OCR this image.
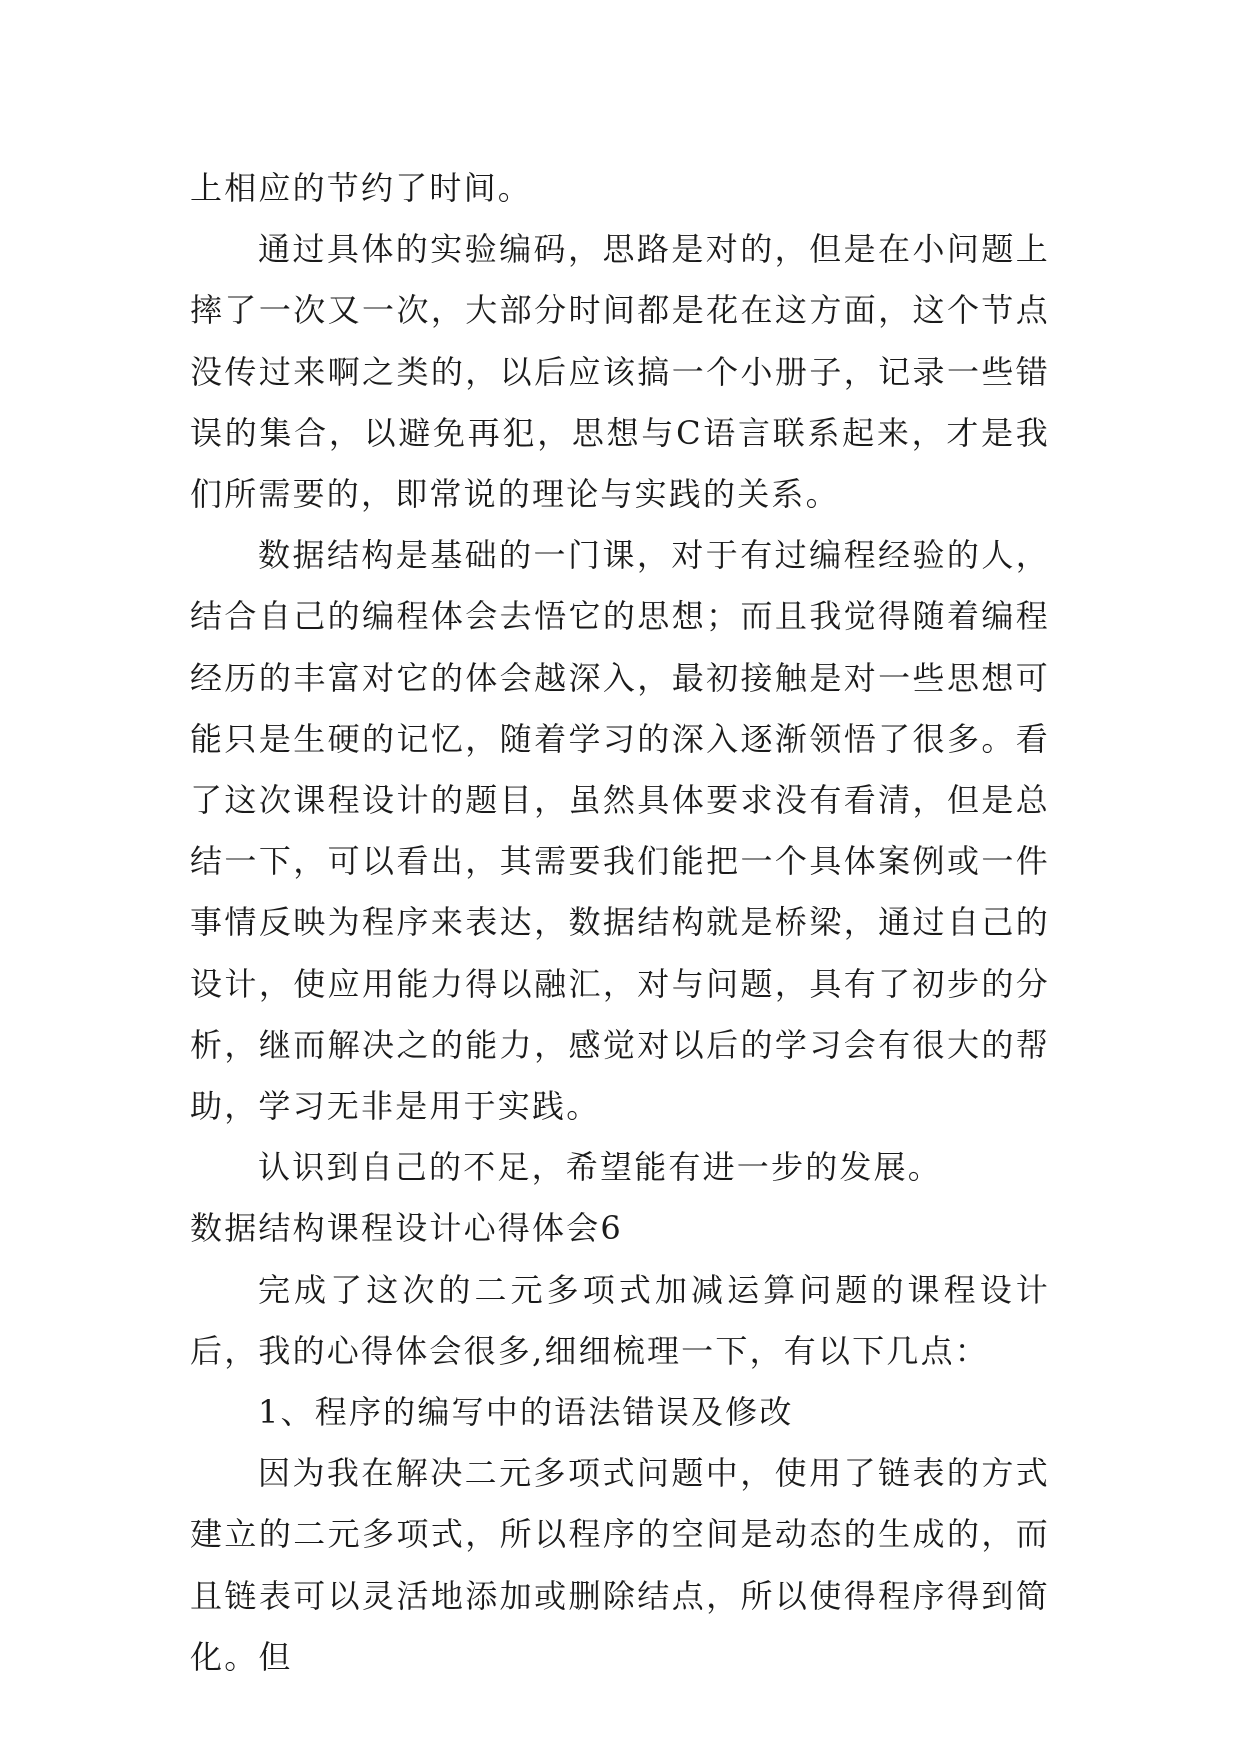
上相应的节约了时间。

通过具体的实验编码，思路是对的，但是在小问题上摔了一次又一次，大部分时间都是花在这方面，这个节点没传过来啊之类的，以后应该搞一个小册子，记录一些错误的集合，以避免再犯，思想与C语言联系起来，才是我们所需要的，即常说的理论与实践的关系。

数据结构是基础的一门课，对于有过编程经验的人，结合自己的编程体会去悟它的思想；而且我觉得随着编程经历的丰富对它的体会越深入，最初接触是对一些思想可能只是生硬的记忆，随着学习的深入逐渐领悟了很多。看了这次课程设计的题目，虽然具体要求没有看清，但是总结一下，可以看出，其需要我们能把一个具体案例或一件事情反映为程序来表达，数据结构就是桥梁，通过自己的设计，使应用能力得以融汇，对与问题，具有了初步的分析，继而解决之的能力，感觉对以后的学习会有很大的帮助，学习无非是用于实践。

认识到自己的不足，希望能有进一步的发展。

数据结构课程设计心得体会6

完成了这次的二元多项式加减运算问题的课程设计后，我的心得体会很多,细细梳理一下，有以下几点：

1、程序的编写中的语法错误及修改

因为我在解决二元多项式问题中，使用了链表的方式建立的二元多项式，所以程序的空间是动态的生成的，而且链表可以灵活地添加或删除结点，所以使得程序得到简化。但
